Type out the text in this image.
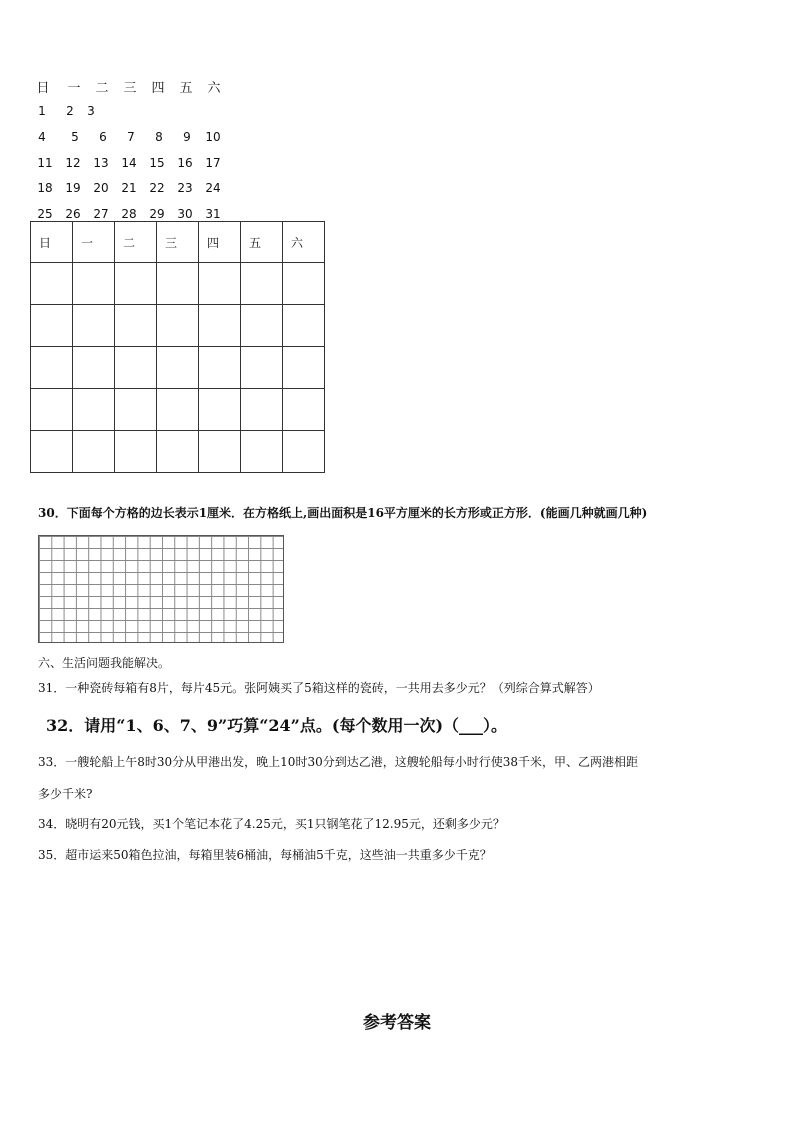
日	一	二	三	四	五	六
1	2	3
4	5	6	7	8	9	10
11	12	13	14	15	16	17
18	19	20	21	22	23	24
25	26	27	28	29	30	31
日	一	二	三	四	五	六

30．下面每个方格的边长表示1厘米．在方格纸上,画出面积是16平方厘米的长方形或正方形．(能画几种就画几种)
六、生活问题我能解决。
31．一种瓷砖每箱有8片，每片45元。张阿姨买了5箱这样的瓷砖，一共用去多少元？（列综合算式解答）
32．请用“1、6、7、9”巧算“24”点。(每个数用一次)（___）。
33．一艘轮船上午8时30分从甲港出发，晚上10时30分到达乙港，这艘轮船每小时行使38千米，甲、乙两港相距
多少千米?
34．晓明有20元钱，买1个笔记本花了4.25元，买1只钢笔花了12.95元，还剩多少元？
35．超市运来50箱色拉油，每箱里装6桶油，每桶油5千克，这些油一共重多少千克？
参考答案
